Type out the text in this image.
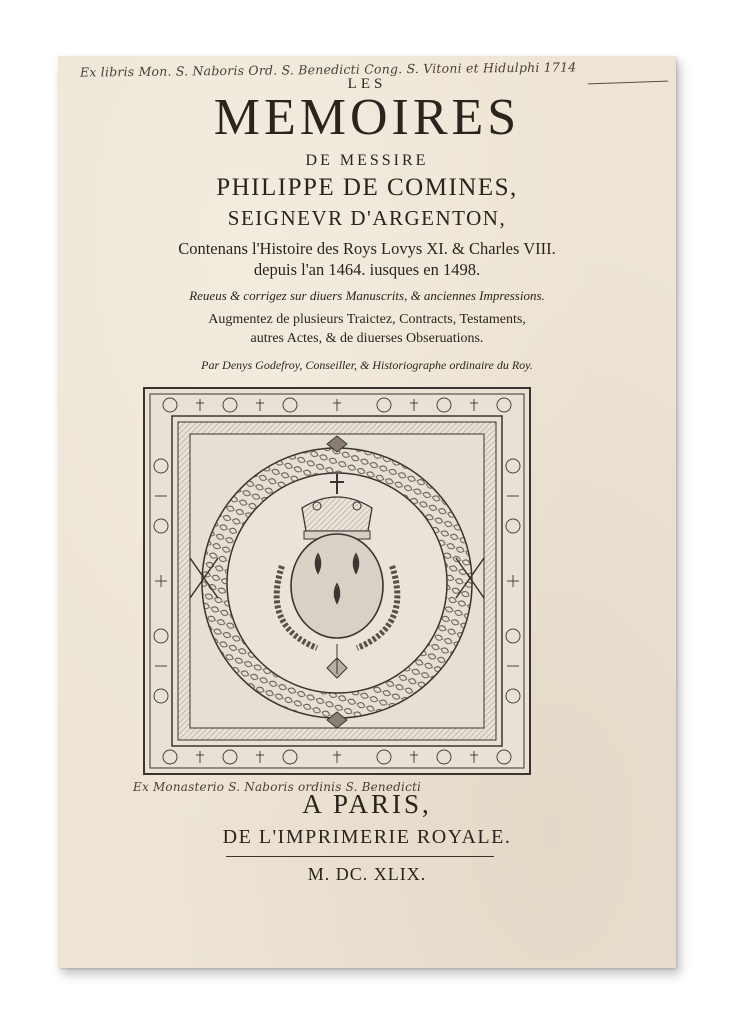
Ex libris Mon. S. Naboris Ord. S. Benedicti Cong. S. Vitoni et Hidulphi 1714
LES
MEMOIRES
DE MESSIRE
PHILIPPE DE COMINES,
SEIGNEVR D'ARGENTON,
Contenans l'Histoire des Roys Lovys XI. & Charles VIII.
depuis l'an 1464. iusques en 1498.
Reueus & corrigez sur diuers Manuscrits, & anciennes Impressions.
Augmentez de plusieurs Traictez, Contracts, Testaments,
autres Actes, & de diuerses Obseruations.
Par Denys Godefroy, Conseiller, & Historiographe ordinaire du Roy.
Ex Monasterio S. Naboris ordinis S. Benedicti
A PARIS,
DE L'IMPRIMERIE ROYALE.
M. DC. XLIX.
